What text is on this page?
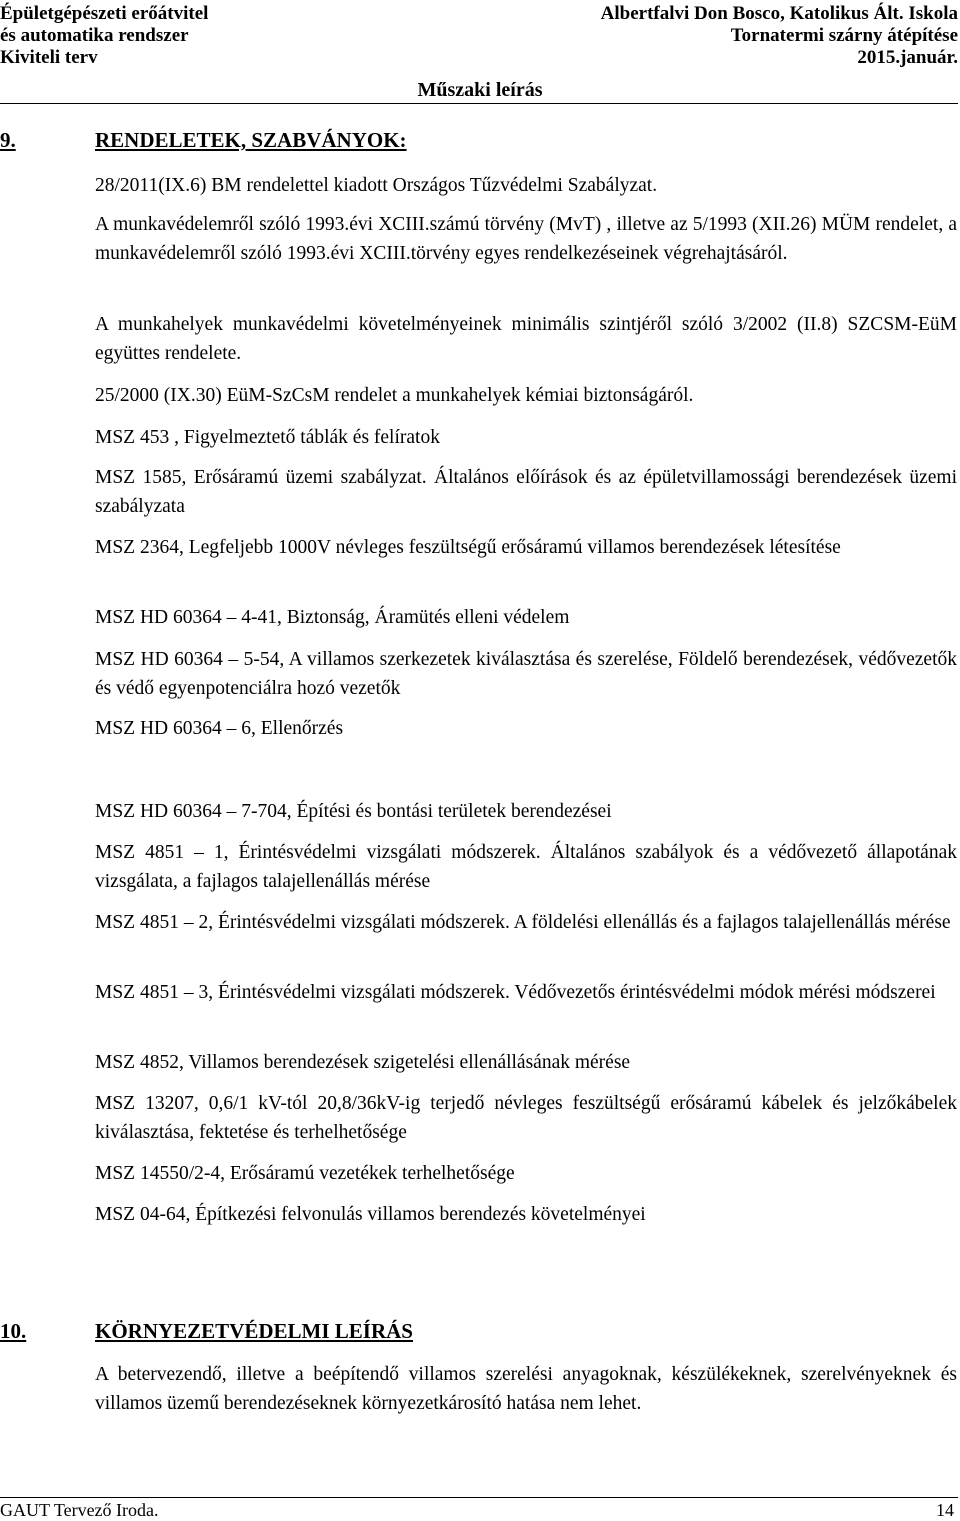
Épületgépészeti erőátvitel
és automatika rendszer
Kiviteli terv
Albertfalvi Don Bosco, Katolikus Ált. Iskola
Tornatermi szárny átépítése
2015.január.
Műszaki leírás
9.	RENDELETEK, SZABVÁNYOK:
28/2011(IX.6) BM rendelettel kiadott Országos Tűzvédelmi Szabályzat.
A munkavédelemről szóló 1993.évi XCIII.számú törvény (MvT) , illetve az 5/1993 (XII.26) MÜM rendelet, a munkavédelemről szóló 1993.évi XCIII.törvény egyes rendelkezéseinek végrehajtásáról.
A munkahelyek munkavédelmi követelményeinek minimális szintjéről szóló 3/2002 (II.8) SZCSM-EüM együttes rendelete.
25/2000 (IX.30) EüM-SzCsM rendelet a munkahelyek kémiai biztonságáról.
MSZ 453 , Figyelmeztető táblák és felíratok
MSZ 1585, Erősáramú üzemi szabályzat. Általános előírások és az épületvillamossági berendezések üzemi szabályzata
MSZ 2364, Legfeljebb 1000V névleges feszültségű erősáramú villamos berendezések létesítése
MSZ HD 60364 – 4-41, Biztonság, Áramütés elleni védelem
MSZ HD 60364 – 5-54, A villamos szerkezetek kiválasztása és szerelése, Földelő berendezések, védővezetők és védő egyenpotenciálra hozó vezetők
MSZ HD 60364 – 6, Ellenőrzés
MSZ HD 60364 – 7-704, Építési és bontási területek berendezései
MSZ 4851 – 1, Érintésvédelmi vizsgálati módszerek. Általános szabályok és a védővezető állapotának vizsgálata, a fajlagos talajellenállás mérése
MSZ 4851 – 2, Érintésvédelmi vizsgálati módszerek. A földelési ellenállás és a fajlagos talajellenállás mérése
MSZ 4851 – 3, Érintésvédelmi vizsgálati módszerek. Védővezetős érintésvédelmi módok mérési módszerei
MSZ 4852, Villamos berendezések szigetelési ellenállásának mérése
MSZ 13207, 0,6/1 kV-tól 20,8/36kV-ig terjedő névleges feszültségű erősáramú kábelek és jelzőkábelek kiválasztása, fektetése és terhelhetősége
MSZ 14550/2-4, Erősáramú vezetékek terhelhetősége
MSZ 04-64, Építkezési felvonulás villamos berendezés követelményei
10.	KÖRNYEZETVÉDELMI LEÍRÁS
A betervezendő, illetve a beépítendő villamos szerelési anyagoknak, készülékeknek, szerelvényeknek és villamos üzemű berendezéseknek környezetkárosító hatása nem lehet.
GAUT Tervező Iroda.	14
